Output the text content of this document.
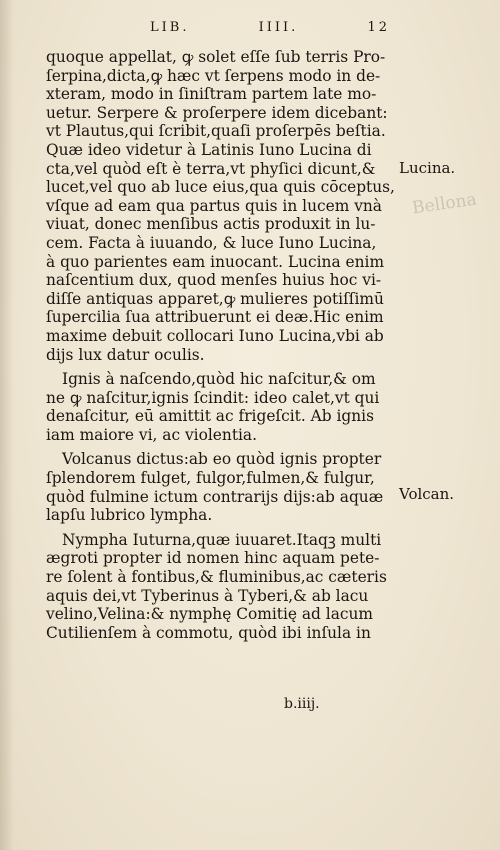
LIB.	IIII.	12
Bellona
quoque appellat, ꝙ solet eſſe ſub terris Pro-
ſerpina,dicta,ꝙ hæc vt ſerpens modo in de-
xteram, modo in ſiniſtram partem late mo-
uetur. Serpere & proſerpere idem dicebant:
vt Plautus,qui ſcribit,quaſi proſerpēs beſtia.
Quæ ideo videtur à Latinis Iuno Lucina di
cta,vel quòd eſt è terra,vt phyſici dicunt,&
lucet,vel quo ab luce eius,qua quis cōceptus,
vſque ad eam qua partus quis in lucem vnà
viuat, donec menſibus actis produxit in lu-
cem. Facta à iuuando, & luce Iuno Lucina,
à quo parientes eam inuocant. Lucina enim
naſcentium dux, quod menſes huius hoc vi-
diſſe antiquas apparet,ꝙ mulieres potiſſimū
ſupercilia ſua attribuerunt ei deæ.Hic enim
maxime debuit collocari Iuno Lucina,vbi ab
dijs lux datur oculis.
Ignis à naſcendo,quòd hic naſcitur,& om
ne ꝙ naſcitur,ignis ſcindit: ideo calet,vt qui
denaſcitur, eū amittit ac frigeſcit. Ab ignis
iam maiore vi, ac violentia.
Volcanus dictus:ab eo quòd ignis propter
ſplendorem fulget, fulgor,fulmen,& fulgur,
quòd fulmine ictum contrarijs dijs:ab aquæ
lapſu lubrico lympha.
Nympha Iuturna,quæ iuuaret.Itaqꝫ multi
ægroti propter id nomen hinc aquam pete-
re ſolent à fontibus,& fluminibus,ac cæteris
aquis dei,vt Tyberinus à Tyberi,& ab lacu
velino,Velina:& nymphę Comitię ad lacum
Cutilienſem à commotu, quòd ibi inſula in
Lucina.
Volcan.
b.iiij.
